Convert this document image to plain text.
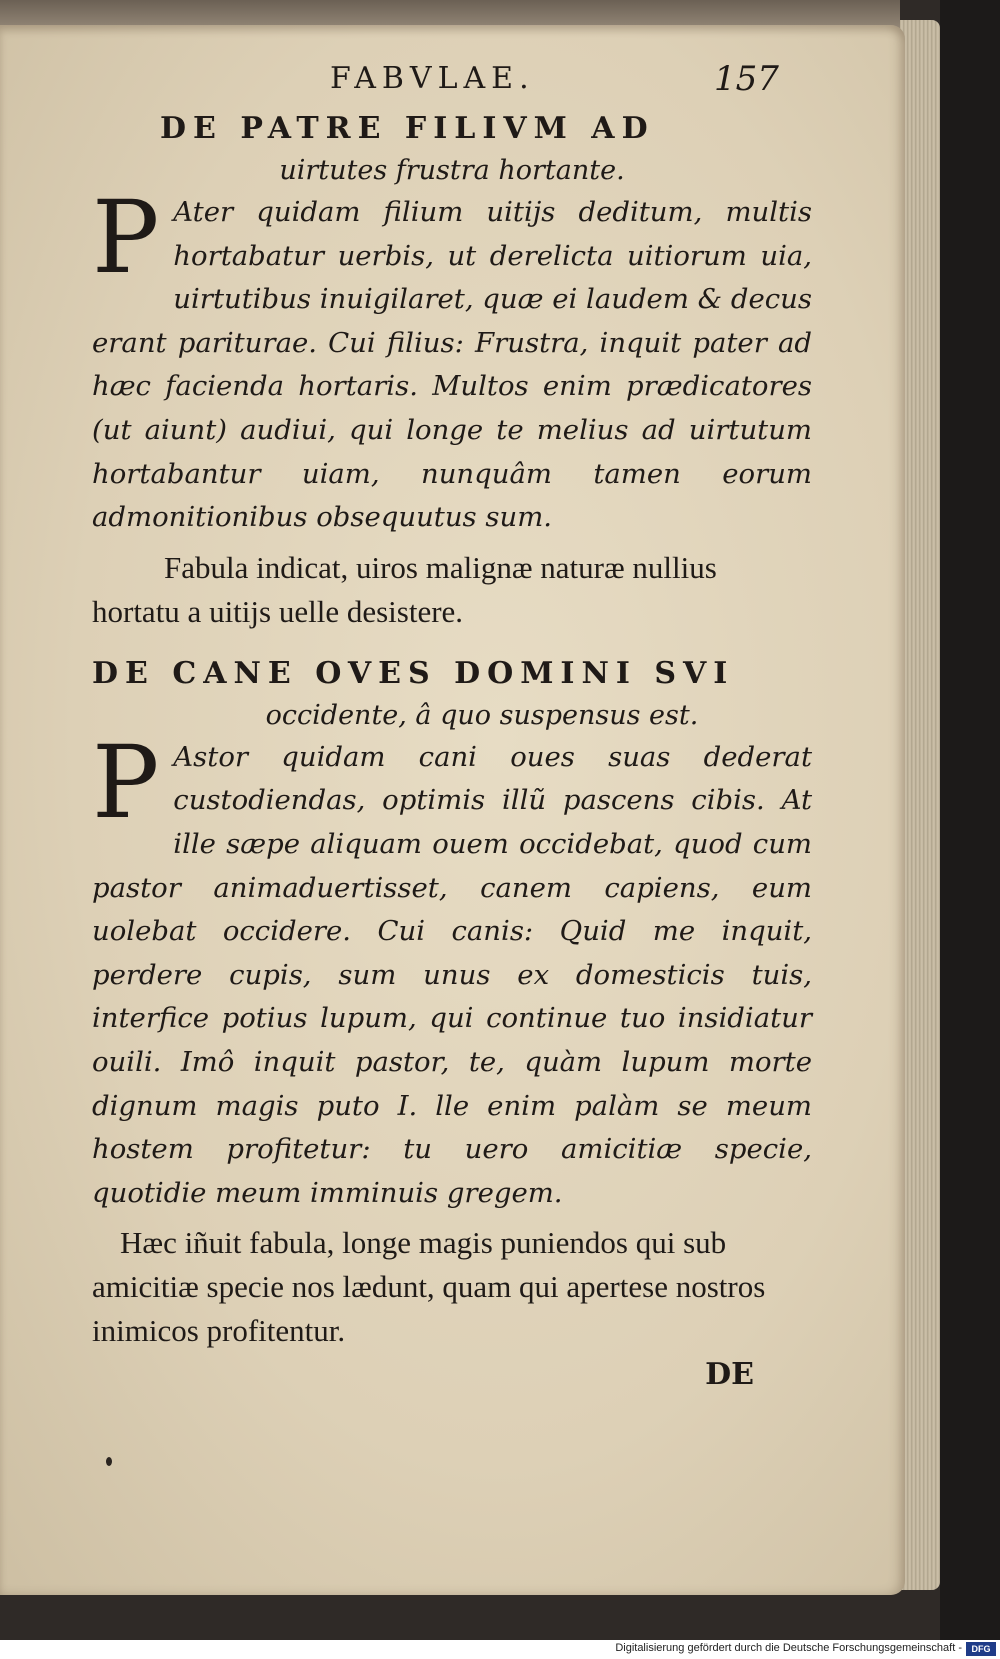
FABVLAE.	157
DE PATRE FILIVM AD

uirtutes frustra hortante.

P Ater quidam filium uitijs deditum, multis hortabatur uerbis, ut derelicta uitiorum uia, uirtutibus inuigilaret, quæ ei laudem & decus erant pariturae. Cui filius: Frustra, inquit pater ad hæc facienda hortaris. Multos enim prædicatores (ut aiunt) audiui, qui longe te melius ad uirtutum hortabantur uiam, nunquâm tamen eorum admonitionibus obsequutus sum.

Fabula indicat, uiros malignæ naturæ nullius hortatu a uitijs uelle desistere.

DE CANE OVES DOMINI SVI

occidente, â quo suspensus est.

P Astor quidam cani oues suas dederat custodiendas, optimis illũ pascens cibis. At ille sæpe aliquam ouem occidebat, quod cum pastor animaduertisset, canem capiens, eum uolebat occidere. Cui canis: Quid me inquit, perdere cupis, sum unus ex domesticis tuis, interfice potius lupum, qui continue tuo insidiatur ouili. Imô inquit pastor, te, quàm lupum morte dignum magis puto I. lle enim palàm se meum hostem profitetur: tu uero amicitiæ specie, quotidie meum imminuis gregem.

Hæc iñuit fabula, longe magis puniendos qui sub amicitiæ specie nos lædunt, quam qui apertese nostros inimicos profitentur.

DE
Digitalisierung gefördert durch die Deutsche Forschungsgemeinschaft -	DFG
